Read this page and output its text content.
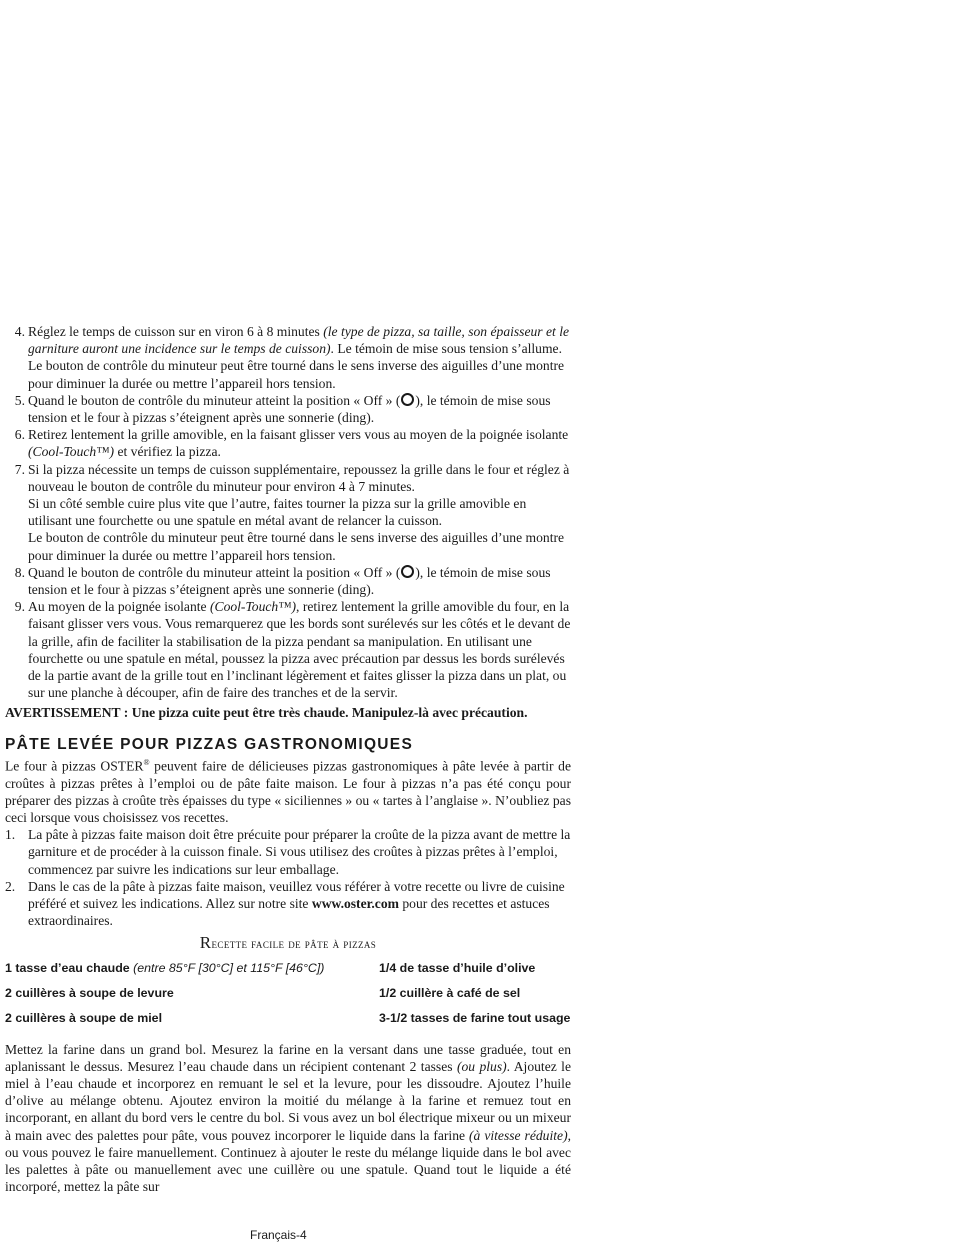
4. Réglez le temps de cuisson sur en viron 6 à 8 minutes (le type de pizza, sa taille, son épaisseur et le garniture auront une incidence sur le temps de cuisson). Le témoin de mise sous tension s’allume. Le bouton de contrôle du minuteur peut être tourné dans le sens inverse des aiguilles d’une montre pour diminuer la durée ou mettre l’appareil hors tension.
5. Quand le bouton de contrôle du minuteur atteint la position « Off » ( ), le témoin de mise sous tension et le four à pizzas s’éteignent après une sonnerie (ding).
6. Retirez lentement la grille amovible, en la faisant glisser vers vous au moyen de la poignée isolante (Cool-Touch™) et vérifiez la pizza.
7. Si la pizza nécessite un temps de cuisson supplémentaire, repoussez la grille dans le four et réglez à nouveau le bouton de contrôle du minuteur pour environ 4 à 7 minutes.
Si un côté semble cuire plus vite que l’autre, faites tourner la pizza sur la grille amovible en utilisant une fourchette ou une spatule en métal avant de relancer la cuisson.
Le bouton de contrôle du minuteur peut être tourné dans le sens inverse des aiguilles d’une montre pour diminuer la durée ou mettre l’appareil hors tension.
8. Quand le bouton de contrôle du minuteur atteint la position « Off » ( ), le témoin de mise sous tension et le four à pizzas s’éteignent après une sonnerie (ding).
9. Au moyen de la poignée isolante (Cool-Touch™), retirez lentement la grille amovible du four, en la faisant glisser vers vous. Vous remarquerez que les bords sont surélevés sur les côtés et le devant de la grille, afin de faciliter la stabilisation de la pizza pendant sa manipulation. En utilisant une fourchette ou une spatule en métal, poussez la pizza avec précaution par dessus les bords surélevés de la partie avant de la grille tout en l’inclinant légèrement et faites glisser la pizza dans un plat, ou sur une planche à découper, afin de faire des tranches et de la servir.
AVERTISSEMENT : Une pizza cuite peut être très chaude. Manipulez-là avec précaution.
PÂTE LEVÉE POUR PIZZAS GASTRONOMIQUES
Le four à pizzas OSTER® peuvent faire de délicieuses pizzas gastronomiques à pâte levée à partir de croûtes à pizzas prêtes à l’emploi ou de pâte faite maison. Le four à pizzas n’a pas été conçu pour préparer des pizzas à croûte très épaisses du type « siciliennes » ou « tartes à l’anglaise ». N’oubliez pas ceci lorsque vous choisissez vos recettes.
1. La pâte à pizzas faite maison doit être précuite pour préparer la croûte de la pizza avant de mettre la garniture et de procéder à la cuisson finale. Si vous utilisez des croûtes à pizzas prêtes à l’emploi, commencez par suivre les indications sur leur emballage.
2. Dans le cas de la pâte à pizzas faite maison, veuillez vous référer à votre recette ou livre de cuisine préféré et suivez les indications. Allez sur notre site www.oster.com pour des recettes et astuces extraordinaires.
Recette facile de pâte à pizzas
1 tasse d’eau chaude (entre 85°F [30°C] et 115°F [46°C])	1/4 de tasse d’huile d’olive
2 cuillères à soupe de levure	1/2 cuillère à café de sel
2 cuillères à soupe de miel	3-1/2 tasses de farine tout usage
Mettez la farine dans un grand bol. Mesurez la farine en la versant dans une tasse graduée, tout en aplanissant le dessus. Mesurez l’eau chaude dans un récipient contenant 2 tasses (ou plus). Ajoutez le miel à l’eau chaude et incorporez en remuant le sel et la levure, pour les dissoudre. Ajoutez l’huile d’olive au mélange obtenu. Ajoutez environ la moitié du mélange à la farine et remuez tout en incorporant, en allant du bord vers le centre du bol. Si vous avez un bol électrique mixeur ou un mixeur à main avec des palettes pour pâte, vous pouvez incorporer le liquide dans la farine (à vitesse réduite), ou vous pouvez le faire manuellement. Continuez à ajouter le reste du mélange liquide dans le bol avec les palettes à pâte ou manuellement avec une cuillère ou une spatule. Quand tout le liquide a été incorporé, mettez la pâte sur
Français-4
